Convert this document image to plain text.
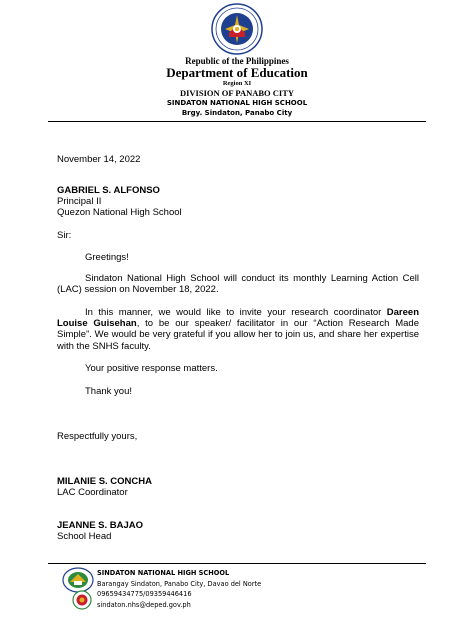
Republic of the Philippines
Department of Education
Region XI
DIVISION OF PANABO CITY
SINDATON NATIONAL HIGH SCHOOL
Brgy. Sindaton, Panabo City
November 14, 2022
GABRIEL S. ALFONSO
Principal II
Quezon National High School
Sir:
Greetings!
Sindaton National High School will conduct its monthly Learning Action Cell (LAC) session on November 18, 2022.
In this manner, we would like to invite your research coordinator Dareen Louise Guisehan, to be our speaker/ facilitator in our “Action Research Made Simple”. We would be very grateful if you allow her to join us, and share her expertise with the SNHS faculty.
Your positive response matters.
Thank you!
Respectfully yours,
MILANIE S. CONCHA
LAC Coordinator
JEANNE S. BAJAO
School Head
SINDATON NATIONAL HIGH SCHOOL
Barangay Sindaton, Panabo City, Davao del Norte
09659434775/09359446416
sindaton.nhs@deped.gov.ph
